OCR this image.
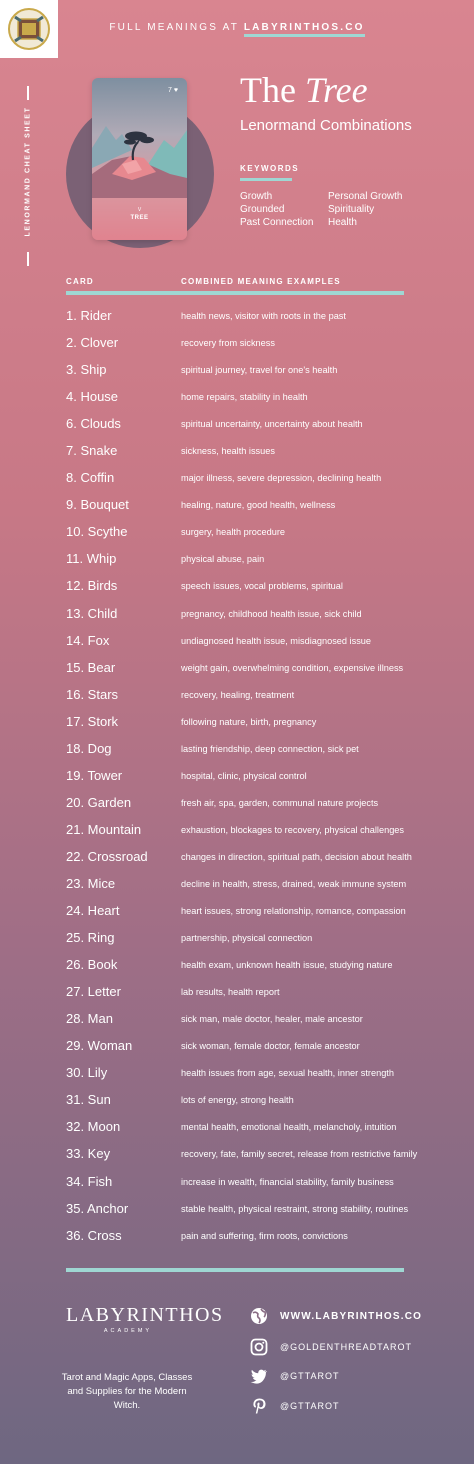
FULL MEANINGS AT LABYRINTHOS.CO
LENORMAND CHEAT SHEET
7 ♥
V
TREE
The Tree
Lenormand Combinations
KEYWORDS
Growth
Grounded
Past Connection
Personal Growth
Spirituality
Health
CARD	COMBINED MEANING EXAMPLES
1. Rider	health news, visitor with roots in the past
2. Clover	recovery from sickness
3. Ship	spiritual journey, travel for one's health
4. House	home repairs, stability in health
6. Clouds	spiritual uncertainty, uncertainty about health
7. Snake	sickness, health issues
8. Coffin	major illness, severe depression, declining health
9. Bouquet	healing, nature, good health, wellness
10. Scythe	surgery, health procedure
11. Whip	physical abuse, pain
12. Birds	speech issues, vocal problems, spiritual
13. Child	pregnancy, childhood health issue, sick child
14. Fox	undiagnosed health issue, misdiagnosed issue
15. Bear	weight gain, overwhelming condition, expensive illness
16. Stars	recovery, healing, treatment
17. Stork	following nature, birth, pregnancy
18. Dog	lasting friendship, deep connection, sick pet
19. Tower	hospital, clinic, physical control
20. Garden	fresh air, spa, garden, communal nature projects
21. Mountain	exhaustion, blockages to recovery, physical challenges
22. Crossroad	changes in direction, spiritual path, decision about health
23. Mice	decline in health, stress, drained, weak immune system
24. Heart	heart issues, strong relationship, romance, compassion
25. Ring	partnership, physical connection
26. Book	health exam, unknown health issue, studying nature
27. Letter	lab results, health report
28. Man	sick man, male doctor, healer, male ancestor
29. Woman	sick woman, female doctor, female ancestor
30. Lily	health issues from age, sexual health, inner strength
31. Sun	lots of energy, strong health
32. Moon	mental health, emotional health, melancholy, intuition
33. Key	recovery, fate, family secret, release from restrictive family
34. Fish	increase in wealth, financial stability, family business
35. Anchor	stable health, physical restraint, strong stability, routines
36. Cross	pain and suffering, firm roots, convictions
LABYRINTHOS
ACADEMY
Tarot and Magic Apps, Classes and Supplies for the Modern Witch.
WWW.LABYRINTHOS.CO
@GOLDENTHREADTAROT
@GTTAROT
@GTTAROT
